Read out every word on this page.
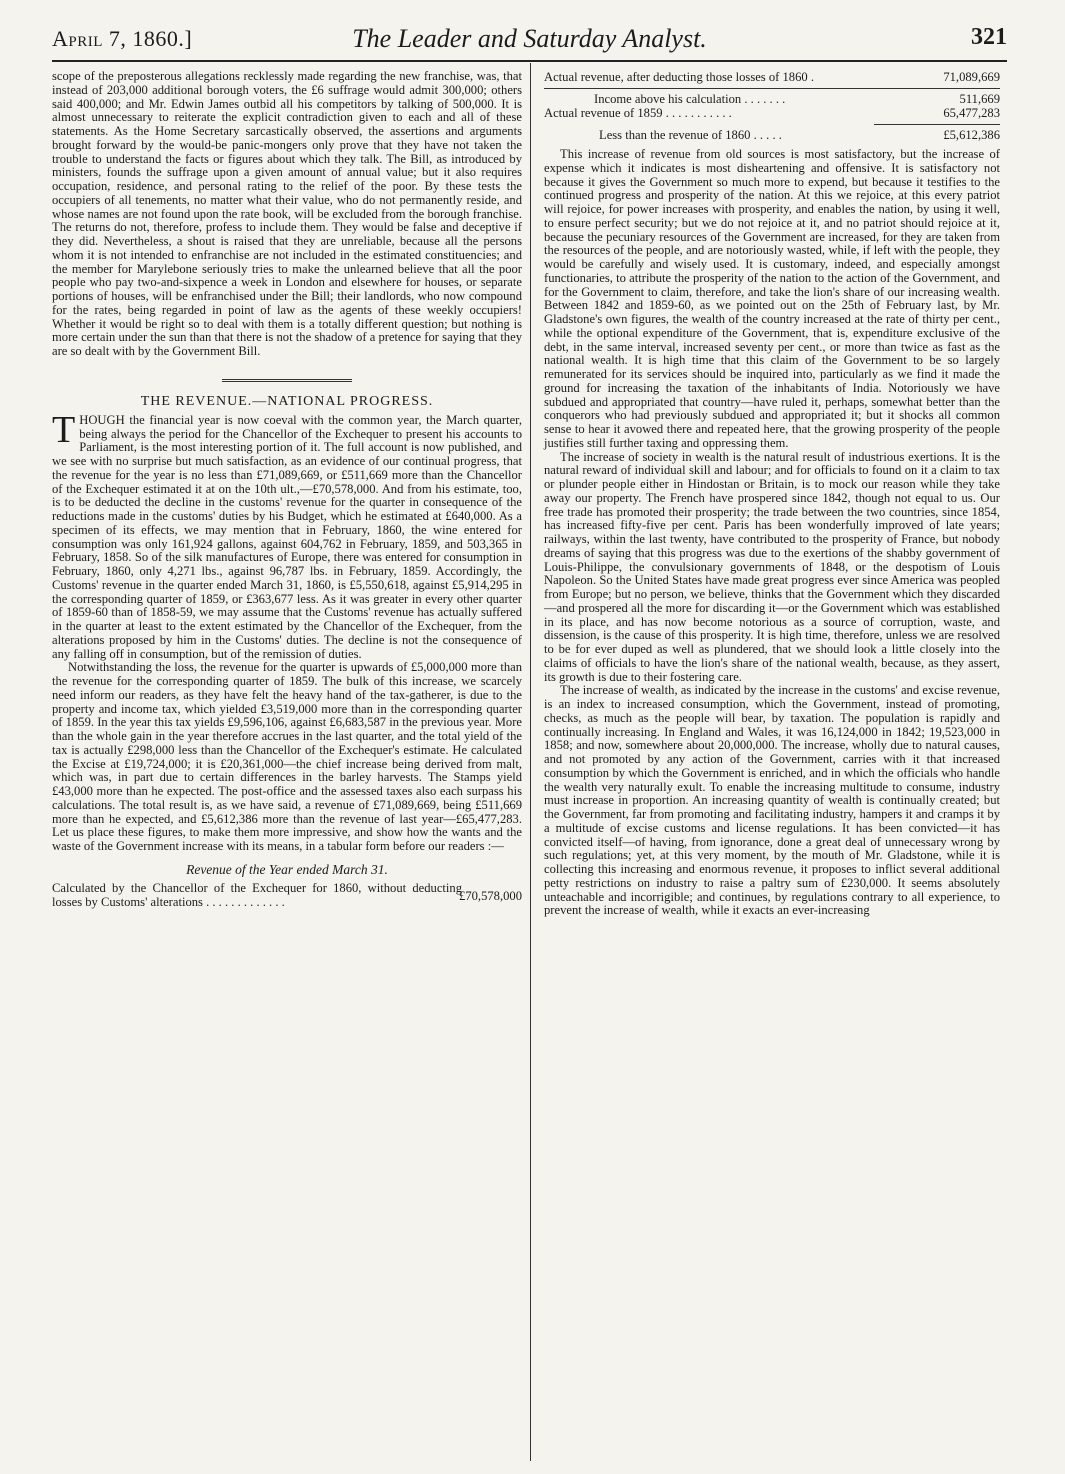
April 7, 1860.]	The Leader and Saturday Analyst.	321

scope of the preposterous allegations recklessly made regarding the new franchise, was, that instead of 203,000 additional borough voters, the £6 suffrage would admit 300,000; others said 400,000; and Mr. Edwin James outbid all his competitors by talking of 500,000. It is almost unnecessary to reiterate the explicit contradiction given to each and all of these statements. As the Home Secretary sarcastically observed, the assertions and arguments brought forward by the would-be panic-mongers only prove that they have not taken the trouble to understand the facts or figures about which they talk. The Bill, as introduced by ministers, founds the suffrage upon a given amount of annual value; but it also requires occupation, residence, and personal rating to the relief of the poor. By these tests the occupiers of all tenements, no matter what their value, who do not permanently reside, and whose names are not found upon the rate book, will be excluded from the borough franchise. The returns do not, therefore, profess to include them. They would be false and deceptive if they did. Nevertheless, a shout is raised that they are unreliable, because all the persons whom it is not intended to enfranchise are not included in the estimated constituencies; and the member for Marylebone seriously tries to make the unlearned believe that all the poor people who pay two-and-sixpence a week in London and elsewhere for houses, or separate portions of houses, will be enfranchised under the Bill; their landlords, who now compound for the rates, being regarded in point of law as the agents of these weekly occupiers! Whether it would be right so to deal with them is a totally different question; but nothing is more certain under the sun than that there is not the shadow of a pretence for saying that they are so dealt with by the Government Bill.

THE REVENUE.—NATIONAL PROGRESS.

THOUGH the financial year is now coeval with the common year, the March quarter, being always the period for the Chancellor of the Exchequer to present his accounts to Parliament, is the most interesting portion of it. The full account is now published, and we see with no surprise but much satisfaction, as an evidence of our continual progress, that the revenue for the year is no less than £71,089,669, or £511,669 more than the Chancellor of the Exchequer estimated it at on the 10th ult.,—£70,578,000. And from his estimate, too, is to be deducted the decline in the customs' revenue for the quarter in consequence of the reductions made in the customs' duties by his Budget, which he estimated at £640,000. As a specimen of its effects, we may mention that in February, 1860, the wine entered for consumption was only 161,924 gallons, against 604,762 in February, 1859, and 503,365 in February, 1858. So of the silk manufactures of Europe, there was entered for consumption in February, 1860, only 4,271 lbs., against 96,787 lbs. in February, 1859. Accordingly, the Customs' revenue in the quarter ended March 31, 1860, is £5,550,618, against £5,914,295 in the corresponding quarter of 1859, or £363,677 less. As it was greater in every other quarter of 1859-60 than of 1858-59, we may assume that the Customs' revenue has actually suffered in the quarter at least to the extent estimated by the Chancellor of the Exchequer, from the alterations proposed by him in the Customs' duties. The decline is not the consequence of any falling off in consumption, but of the remission of duties.

Notwithstanding the loss, the revenue for the quarter is upwards of £5,000,000 more than the revenue for the corresponding quarter of 1859. The bulk of this increase, we scarcely need inform our readers, as they have felt the heavy hand of the tax-gatherer, is due to the property and income tax, which yielded £3,519,000 more than in the corresponding quarter of 1859. In the year this tax yields £9,596,106, against £6,683,587 in the previous year. More than the whole gain in the year therefore accrues in the last quarter, and the total yield of the tax is actually £298,000 less than the Chancellor of the Exchequer's estimate. He calculated the Excise at £19,724,000; it is £20,361,000—the chief increase being derived from malt, which was, in part due to certain differences in the barley harvests. The Stamps yield £43,000 more than he expected. The post-office and the assessed taxes also each surpass his calculations. The total result is, as we have said, a revenue of £71,089,669, being £511,669 more than he expected, and £5,612,386 more than the revenue of last year—£65,477,283. Let us place these figures, to make them more impressive, and show how the wants and the waste of the Government increase with its means, in a tabular form before our readers :—

Revenue of the Year ended March 31.
Calculated by the Chancellor of the Exchequer for 1860, without deducting losses by Customs' alterations . . . . . . . . . . . . .	£70,578,000
Actual revenue, after deducting those losses of 1860 .	71,089,669
Income above his calculation . . . . . . .	511,669
Actual revenue of 1859 . . . . . . . . . . .	65,477,283
Less than the revenue of 1860 . . . . .	£5,612,386

This increase of revenue from old sources is most satisfactory, but the increase of expense which it indicates is most disheartening and offensive. It is satisfactory not because it gives the Government so much more to expend, but because it testifies to the continued progress and prosperity of the nation. At this we rejoice, at this every patriot will rejoice, for power increases with prosperity, and enables the nation, by using it well, to ensure perfect security; but we do not rejoice at it, and no patriot should rejoice at it, because the pecuniary resources of the Government are increased, for they are taken from the resources of the people, and are notoriously wasted, while, if left with the people, they would be carefully and wisely used. It is customary, indeed, and especially amongst functionaries, to attribute the prosperity of the nation to the action of the Government, and for the Government to claim, therefore, and take the lion's share of our increasing wealth. Between 1842 and 1859-60, as we pointed out on the 25th of February last, by Mr. Gladstone's own figures, the wealth of the country increased at the rate of thirty per cent., while the optional expenditure of the Government, that is, expenditure exclusive of the debt, in the same interval, increased seventy per cent., or more than twice as fast as the national wealth. It is high time that this claim of the Government to be so largely remunerated for its services should be inquired into, particularly as we find it made the ground for increasing the taxation of the inhabitants of India. Notoriously we have subdued and appropriated that country—have ruled it, perhaps, somewhat better than the conquerors who had previously subdued and appropriated it; but it shocks all common sense to hear it avowed there and repeated here, that the growing prosperity of the people justifies still further taxing and oppressing them.

The increase of society in wealth is the natural result of industrious exertions. It is the natural reward of individual skill and labour; and for officials to found on it a claim to tax or plunder people either in Hindostan or Britain, is to mock our reason while they take away our property. The French have prospered since 1842, though not equal to us. Our free trade has promoted their prosperity; the trade between the two countries, since 1854, has increased fifty-five per cent. Paris has been wonderfully improved of late years; railways, within the last twenty, have contributed to the prosperity of France, but nobody dreams of saying that this progress was due to the exertions of the shabby government of Louis-Philippe, the convulsionary governments of 1848, or the despotism of Louis Napoleon. So the United States have made great progress ever since America was peopled from Europe; but no person, we believe, thinks that the Government which they discarded—and prospered all the more for discarding it—or the Government which was established in its place, and has now become notorious as a source of corruption, waste, and dissension, is the cause of this prosperity. It is high time, therefore, unless we are resolved to be for ever duped as well as plundered, that we should look a little closely into the claims of officials to have the lion's share of the national wealth, because, as they assert, its growth is due to their fostering care.

The increase of wealth, as indicated by the increase in the customs' and excise revenue, is an index to increased consumption, which the Government, instead of promoting, checks, as much as the people will bear, by taxation. The population is rapidly and continually increasing. In England and Wales, it was 16,124,000 in 1842; 19,523,000 in 1858; and now, somewhere about 20,000,000. The increase, wholly due to natural causes, and not promoted by any action of the Government, carries with it that increased consumption by which the Government is enriched, and in which the officials who handle the wealth very naturally exult. To enable the increasing multitude to consume, industry must increase in proportion. An increasing quantity of wealth is continually created; but the Government, far from promoting and facilitating industry, hampers it and cramps it by a multitude of excise customs and license regulations. It has been convicted—it has convicted itself—of having, from ignorance, done a great deal of unnecessary wrong by such regulations; yet, at this very moment, by the mouth of Mr. Gladstone, while it is collecting this increasing and enormous revenue, it proposes to inflict several additional petty restrictions on industry to raise a paltry sum of £230,000. It seems absolutely unteachable and incorrigible; and continues, by regulations contrary to all experience, to prevent the increase of wealth, while it exacts an ever-increasing
